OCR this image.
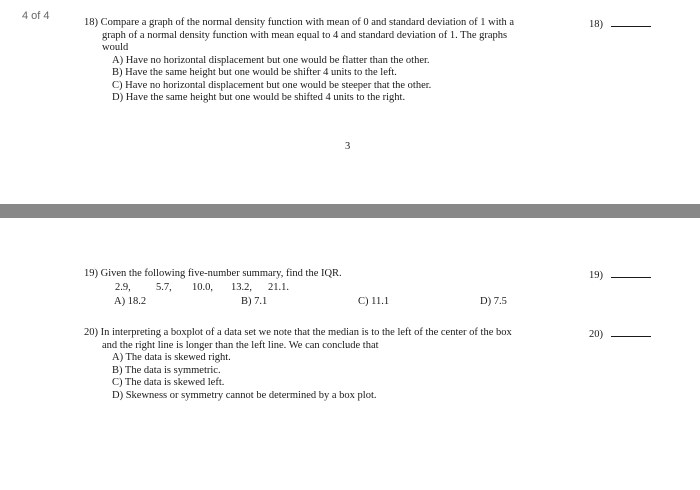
4 of 4
18) Compare a graph of the normal density function with mean of 0 and standard deviation of 1 with a
graph of a normal density function with mean equal to 4 and standard deviation of 1. The graphs
would
A) Have no horizontal displacement but one would be flatter than the other.
B) Have the same height but one would be shifter 4 units to the left.
C) Have no horizontal displacement but one would be steeper that the other.
D) Have the same height but one would be shifted 4 units to the right.
18)
3
19) Given the following five-number summary, find the IQR.
2.9, 5.7, 10.0, 13.2, 21.1.
A) 18.2	B) 7.1	C) 11.1	D) 7.5
19)
20) In interpreting a boxplot of a data set we note that the median is to the left of the center of the box
and the right line is longer than the left line. We can conclude that
A) The data is skewed right.
B) The data is symmetric.
C) The data is skewed left.
D) Skewness or symmetry cannot be determined by a box plot.
20)
